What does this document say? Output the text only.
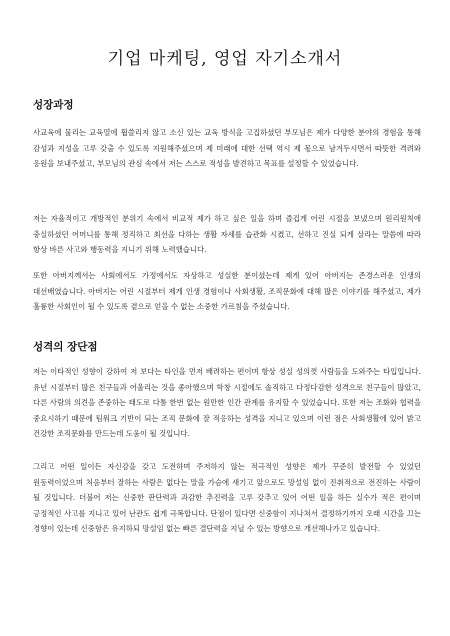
기업 마케팅, 영업 자기소개서
성장과정
사교육에 물리는 교육열에 휩쓸리지 않고 소신 있는 교육 방식을 고집하셨던 부모님은 제가 다양한 분야의 경험을 통해 감성과 지성을 고루 갖출 수 있도록 지원해주셨으며 제 미래에 대한 선택 역시 제 몫으로 남겨두시면서 따뜻한 격려와 응원을 보내주셨고, 부모님의 관심 속에서 저는 스스로 적성을 발견하고 목표를 설정할 수 있었습니다.
저는 자율적이고 개방적인 분위기 속에서 비교적 제가 하고 싶은 일을 하며 즐겁게 어린 시절을 보냈으며 원리원칙에 충실하셨던 어머니를 통해 정직하고 최선을 다하는 생활 자세를 습관화 시켰고, 선하고 진실 되게 살라는 말씀에 따라 항상 바른 사고와 행동력을 지니기 위해 노력했습니다.
또한 아버지께서는 사회에서도 가정에서도 자상하고 성실한 분이셨는데 제게 있어 아버지는 존경스러운 인생의 대선배였습니다. 아버지는 어린 시절부터 제게 인생 경험이나 사회생활, 조직문화에 대해 많은 이야기를 해주셨고, 제가 훌륭한 사회인이 될 수 있도록 곁으로 얻을 수 없는 소중한 가르침을 주셨습니다.
성격의 장단점
저는 이타적인 성향이 강하여 저 보다는 타인을 먼저 배려하는 편이며 항상 성실 성의껏 사람들을 도와주는 타입입니다. 유년 시절부터 많은 친구들과 어울리는 것을 좋아했으며 학창 시절에도 솔직하고 다정다감한 성격으로 친구들이 많았고, 다른 사람의 의견을 존중하는 태도로 다툼 한번 없는 원만한 인간 관계를 유지할 수 있었습니다. 또한 저는 조화와 협력을 중요시하기 때문에 팀워크 기반이 되는 조직 문화에 잘 적응하는 성격을 지니고 있으며 이런 점은 사회생활에 있어 밝고 건강한 조직문화를 만드는데 도움이 될 것입니다.
그리고 어떤 일이든 자신감을 갖고 도전하며 주저하지 않는 적극적인 성향은 제가 꾸준히 발전할 수 있었던 원동력이었으며 처음부터 잘하는 사람은 없다는 말을 가슴에 새기고 앞으로도 망설임 없이 진취적으로 전진하는 사람이 될 것입니다. 더불어 저는 신중한 판단력과 과감한 추진력을 고루 갖추고 있어 어떤 일을 하든 실수가 적은 편이며 긍정적인 사고를 지니고 있어 난관도 쉽게 극복합니다. 단점이 있다면 신중함이 지나쳐서 결정하기까지 오래 시간을 끄는 경향이 있는데 신중함은 유지하되 망설임 없는 빠른 결단력을 지닐 수 있는 방향으로 개선해나가고 있습니다.
